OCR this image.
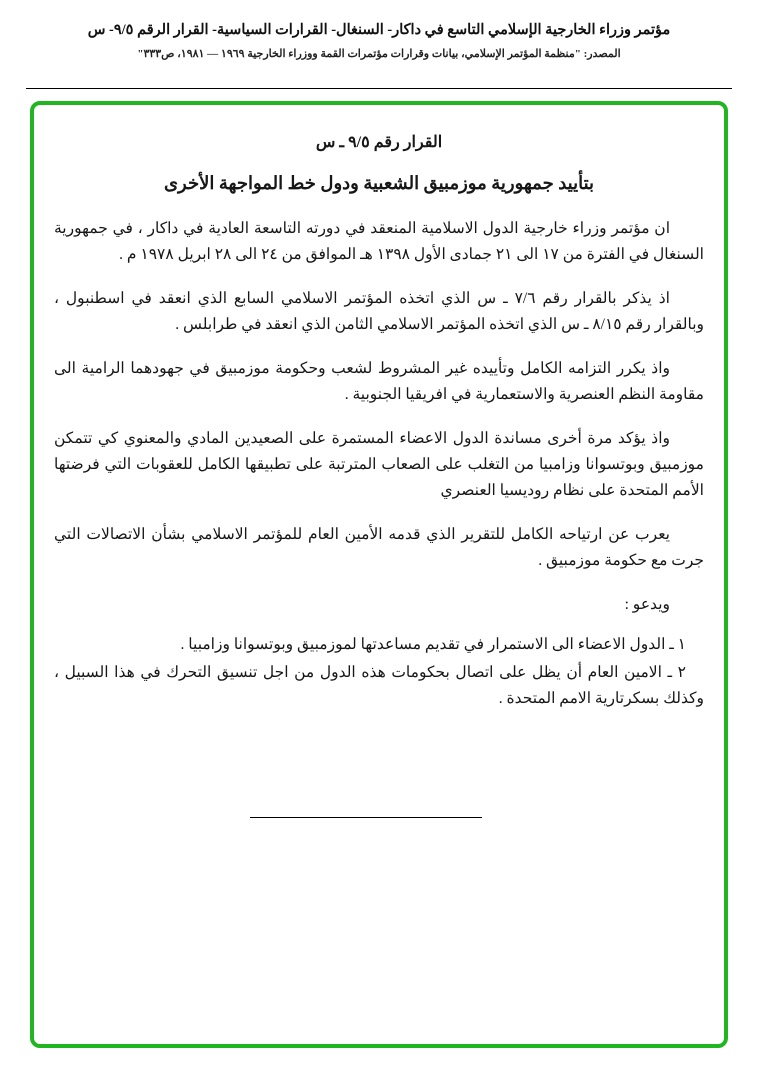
مؤتمر وزراء الخارجية الإسلامي التاسع في داكار- السنغال- القرارات السياسية- القرار الرقم ٩/٥- س
المصدر: "منظمة المؤتمر الإسلامي، بيانات وقرارات مؤتمرات القمة ووزراء الخارجية ١٩٦٩ — ١٩٨١، ص٣٣٣"
القرار رقم ٩/٥ ـ س
بتأييد جمهورية موزمبيق الشعبية ودول خط المواجهة الأخرى

ان مؤتمر وزراء خارجية الدول الاسلامية المنعقد في دورته التاسعة العادية في داكار ، في جمهورية السنغال في الفترة من ١٧ الى ٢١ جمادى الأول ١٣٩٨ هـ الموافق من ٢٤ الى ٢٨ ابريل ١٩٧٨ م .

اذ يذكر بالقرار رقم ٧/٦ ـ س الذي اتخذه المؤتمر الاسلامي السابع الذي انعقد في اسطنبول ، وبالقرار رقم ٨/١٥ ـ س الذي اتخذه المؤتمر الاسلامي الثامن الذي انعقد في طرابلس .

واذ يكرر التزامه الكامل وتأييده غير المشروط لشعب وحكومة موزمبيق في جهودهما الرامية الى مقاومة النظم العنصرية والاستعمارية في افريقيا الجنوبية .

واذ يؤكد مرة أخرى مساندة الدول الاعضاء المستمرة على الصعيدين المادي والمعنوي كي تتمكن موزمبيق وبوتسوانا وزامبيا من التغلب على الصعاب المترتبة على تطبيقها الكامل للعقوبات التي فرضتها الأمم المتحدة على نظام روديسيا العنصري

يعرب عن ارتياحه الكامل للتقرير الذي قدمه الأمين العام للمؤتمر الاسلامي بشأن الاتصالات التي جرت مع حكومة موزمبيق .

ويدعو :

١ ـ الدول الاعضاء الى الاستمرار في تقديم مساعدتها لموزمبيق وبوتسوانا وزامبيا .
٢ ـ الامين العام أن يظل على اتصال بحكومات هذه الدول من اجل تنسيق التحرك في هذا السبيل ، وكذلك بسكرتارية الامم المتحدة .
